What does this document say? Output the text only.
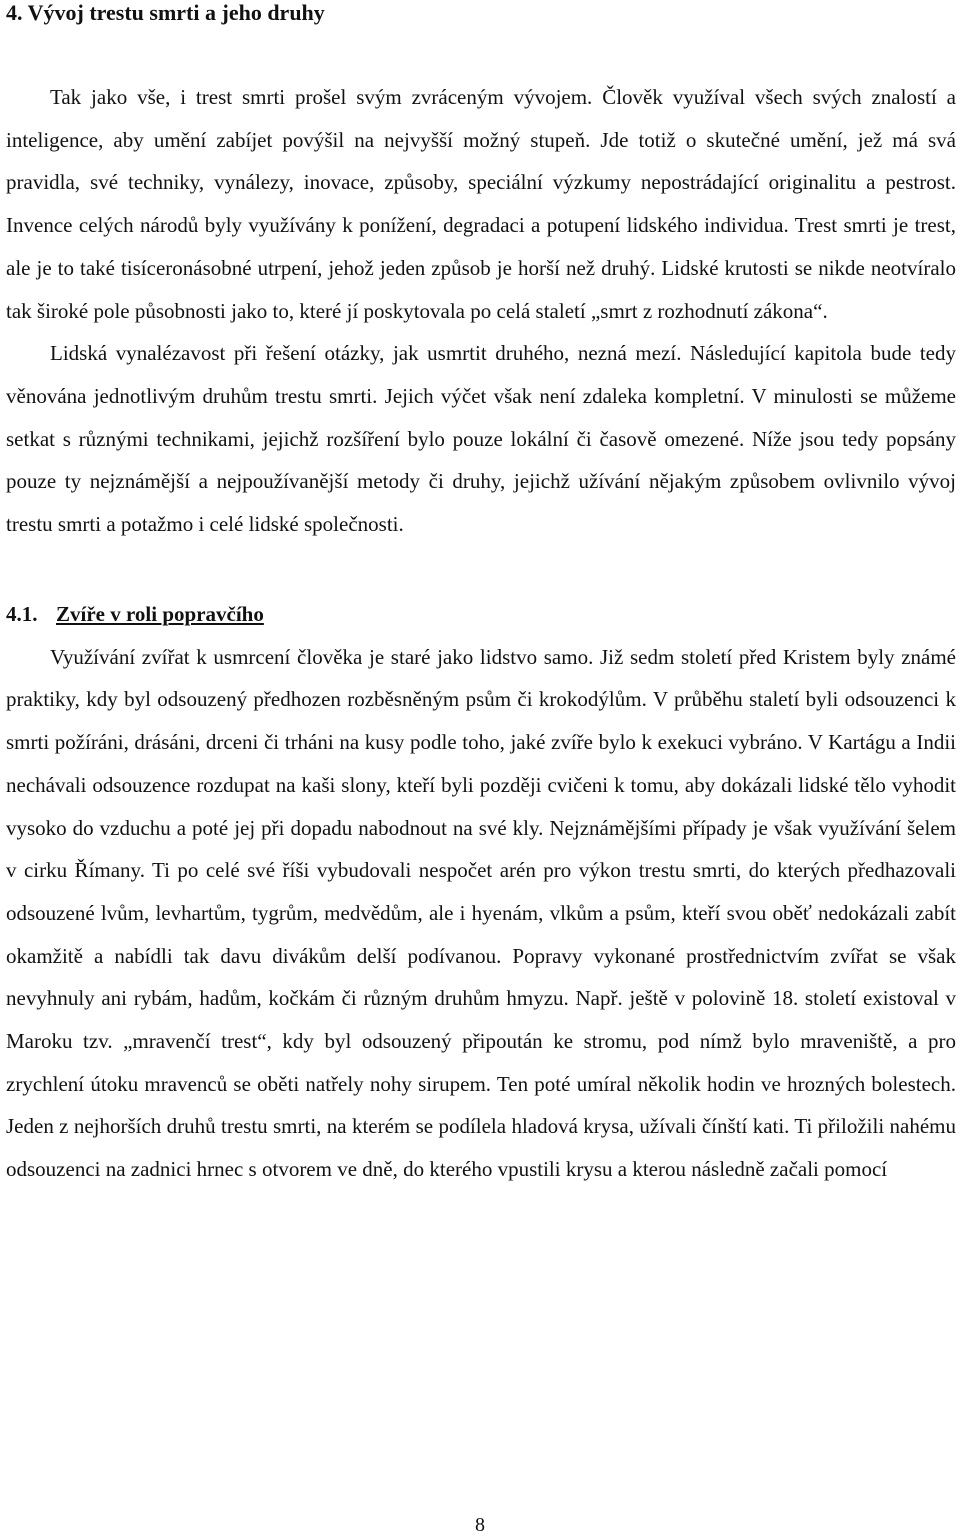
4. Vývoj trestu smrti a jeho druhy

Tak jako vše, i trest smrti prošel svým zvráceným vývojem. Člověk využíval všech svých znalostí a inteligence, aby umění zabíjet povýšil na nejvyšší možný stupeň. Jde totiž o skutečné umění, jež má svá pravidla, své techniky, vynálezy, inovace, způsoby, speciální výzkumy nepostrádající originalitu a pestrost. Invence celých národů byly využívány k ponížení, degradaci a potupení lidského individua. Trest smrti je trest, ale je to také tisíceronásobné utrpení, jehož jeden způsob je horší než druhý. Lidské krutosti se nikde neotvíralo tak široké pole působnosti jako to, které jí poskytovala po celá staletí „smrt z rozhodnutí zákona“.

Lidská vynalézavost při řešení otázky, jak usmrtit druhého, nezná mezí. Následující kapitola bude tedy věnována jednotlivým druhům trestu smrti. Jejich výčet však není zdaleka kompletní. V minulosti se můžeme setkat s různými technikami, jejichž rozšíření bylo pouze lokální či časově omezené. Níže jsou tedy popsány pouze ty nejznámější a nejpoužívanější metody či druhy, jejichž užívání nějakým způsobem ovlivnilo vývoj trestu smrti a potažmo i celé lidské společnosti.

4.1. Zvíře v roli popravčího

Využívání zvířat k usmrcení člověka je staré jako lidstvo samo. Již sedm století před Kristem byly známé praktiky, kdy byl odsouzený předhozen rozběsněným psům či krokodýlům. V průběhu staletí byli odsouzenci k smrti požíráni, drásáni, drceni či trháni na kusy podle toho, jaké zvíře bylo k exekuci vybráno. V Kartágu a Indii nechávali odsouzence rozdupat na kaši slony, kteří byli později cvičeni k tomu, aby dokázali lidské tělo vyhodit vysoko do vzduchu a poté jej při dopadu nabodnout na své kly. Nejznámějšími případy je však využívání šelem v cirku Římany. Ti po celé své říši vybudovali nespočet arén pro výkon trestu smrti, do kterých předhazovali odsouzené lvům, levhartům, tygrům, medvědům, ale i hyenám, vlkům a psům, kteří svou oběť nedokázali zabít okamžitě a nabídli tak davu divákům delší podívanou. Popravy vykonané prostřednictvím zvířat se však nevyhnuly ani rybám, hadům, kočkám či různým druhům hmyzu. Např. ještě v polovině 18. století existoval v Maroku tzv. „mravenčí trest“, kdy byl odsouzený připoután ke stromu, pod nímž bylo mraveniště, a pro zrychlení útoku mravenců se oběti natřely nohy sirupem. Ten poté umíral několik hodin ve hrozných bolestech. Jeden z nejhorších druhů trestu smrti, na kterém se podílela hladová krysa, užívali čínští kati. Ti přiložili nahému odsouzenci na zadnici hrnec s otvorem ve dně, do kterého vpustili krysu a kterou následně začali pomocí

8
